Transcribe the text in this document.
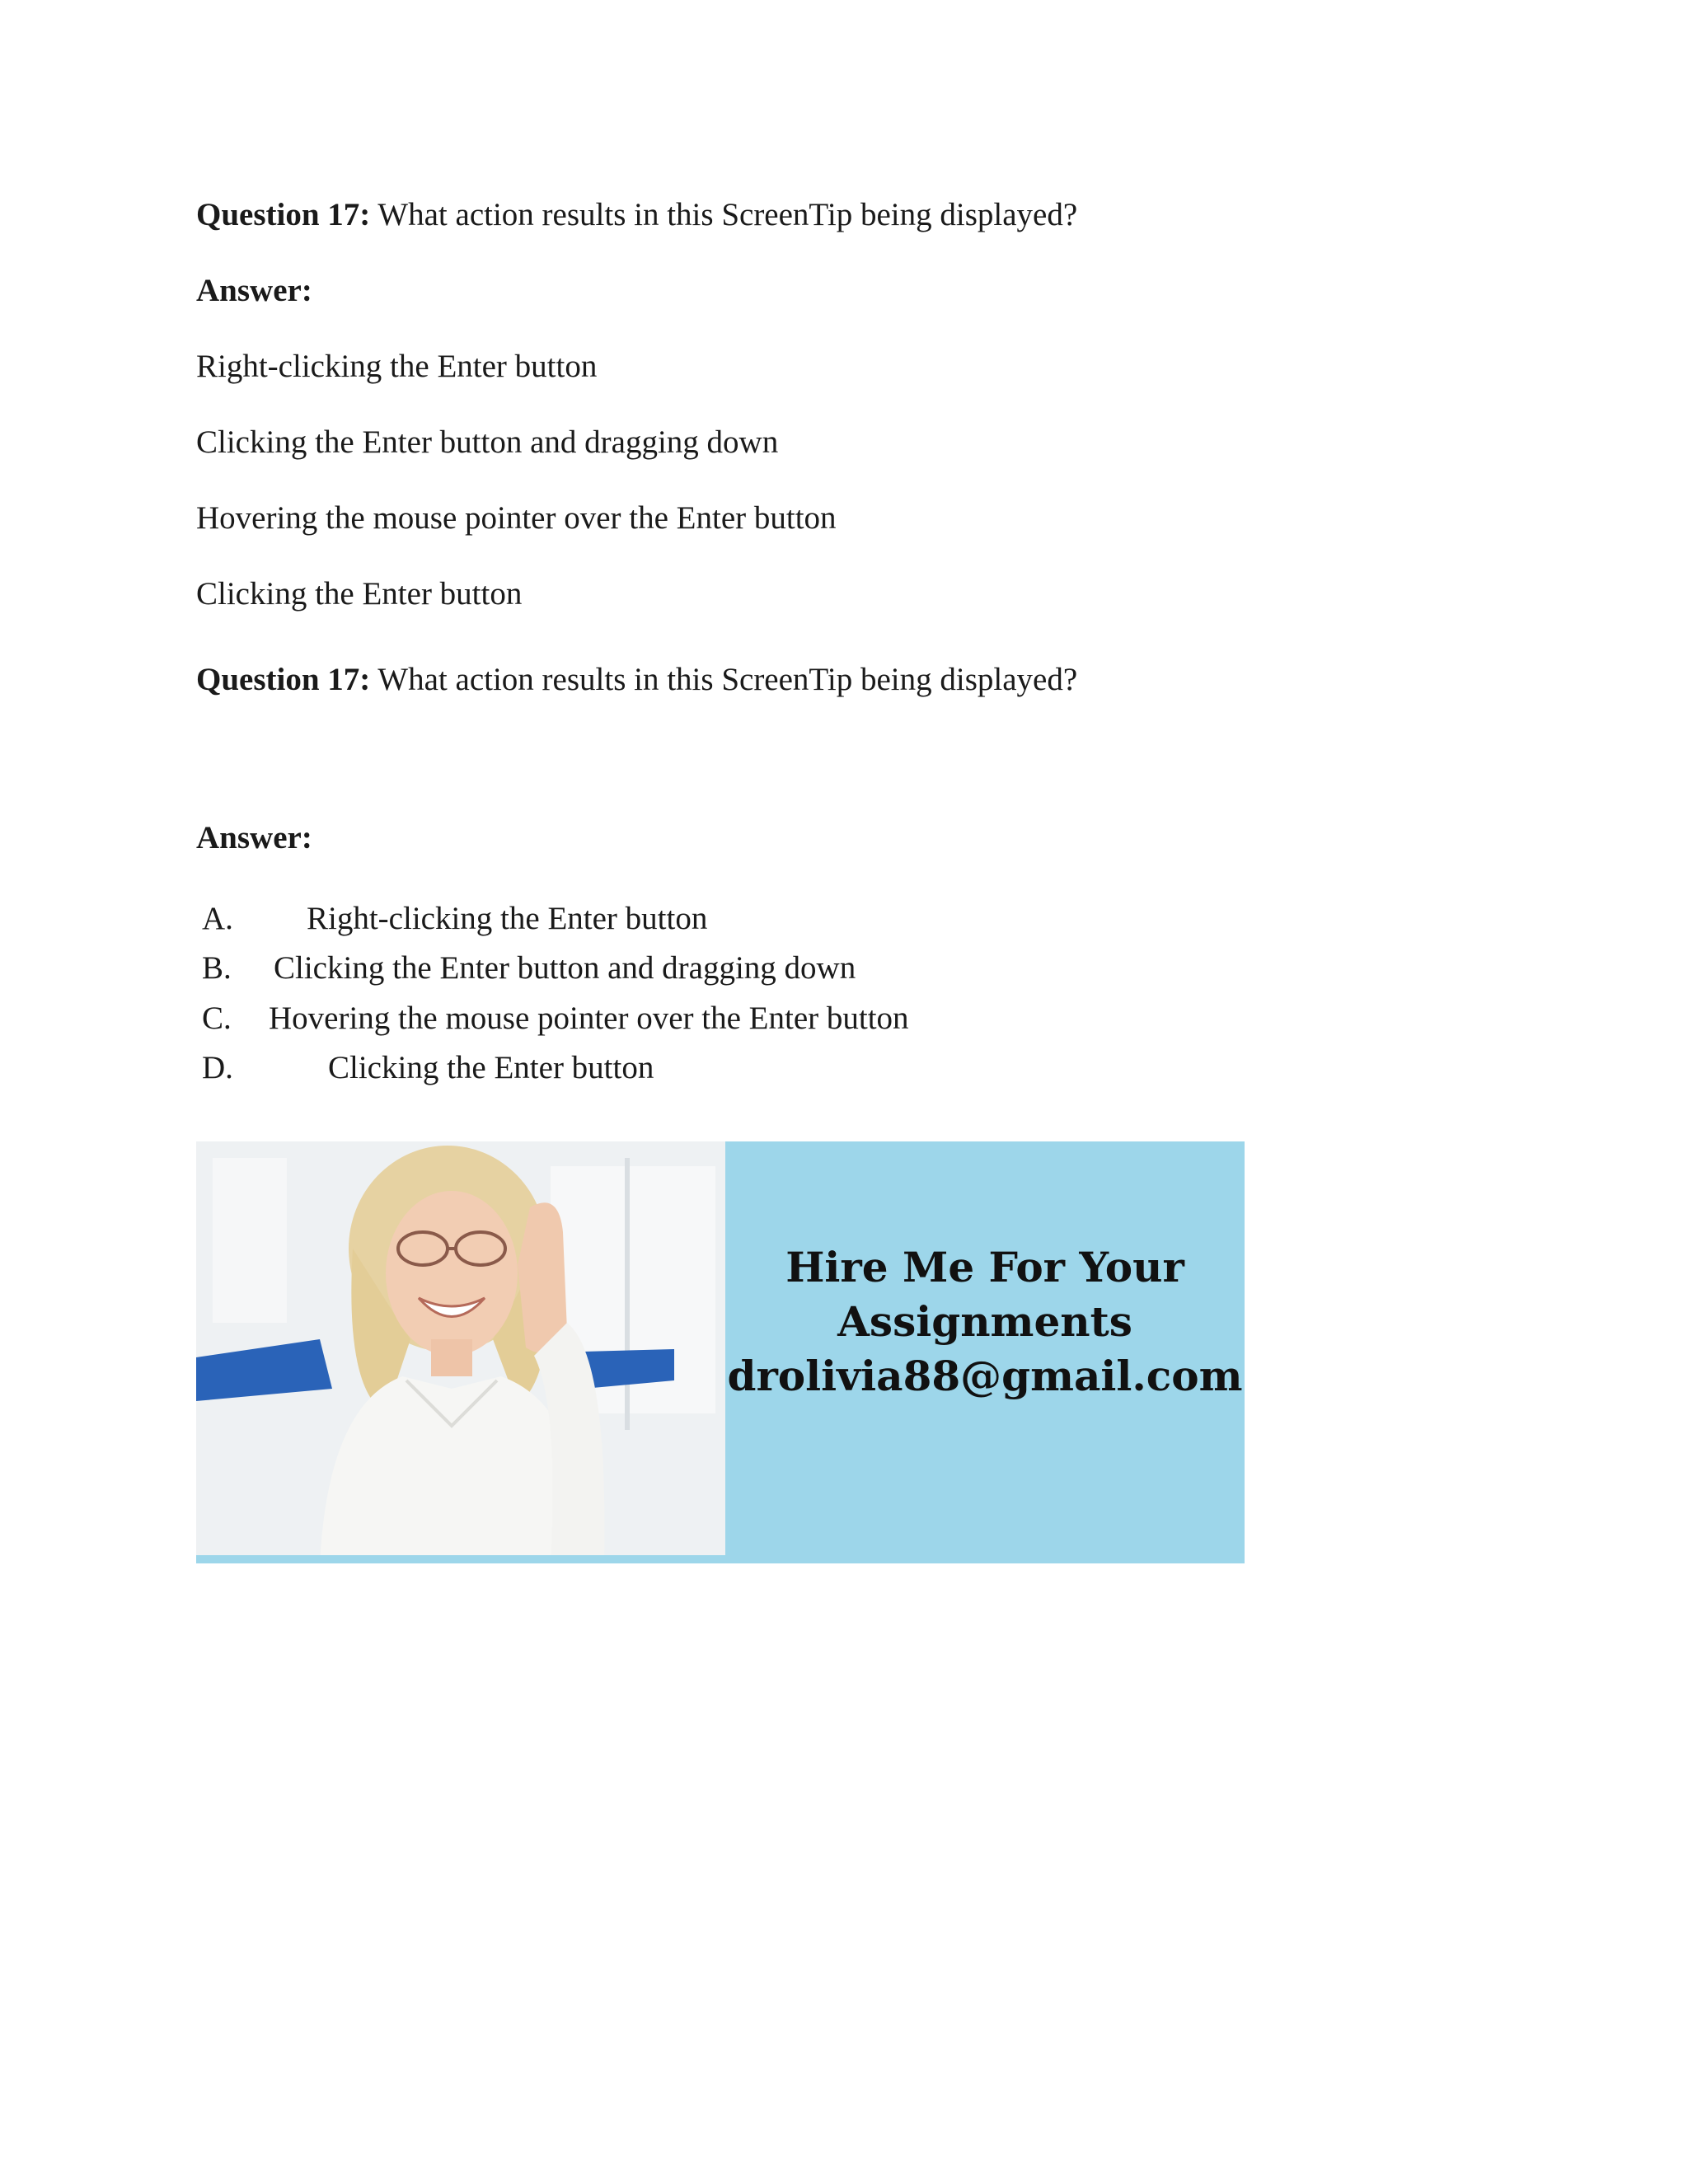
Question 17: What action results in this ScreenTip being displayed?
Answer:
Right-clicking the Enter button
Clicking the Enter button and dragging down
Hovering the mouse pointer over the Enter button
Clicking the Enter button
Question 17: What action results in this ScreenTip being displayed?
Answer:
A. Right-clicking the Enter button
B. Clicking the Enter button and dragging down
C. Hovering the mouse pointer over the Enter button
D.	Clicking the Enter button
Hire Me For Your
Assignments
drolivia88@gmail.com
